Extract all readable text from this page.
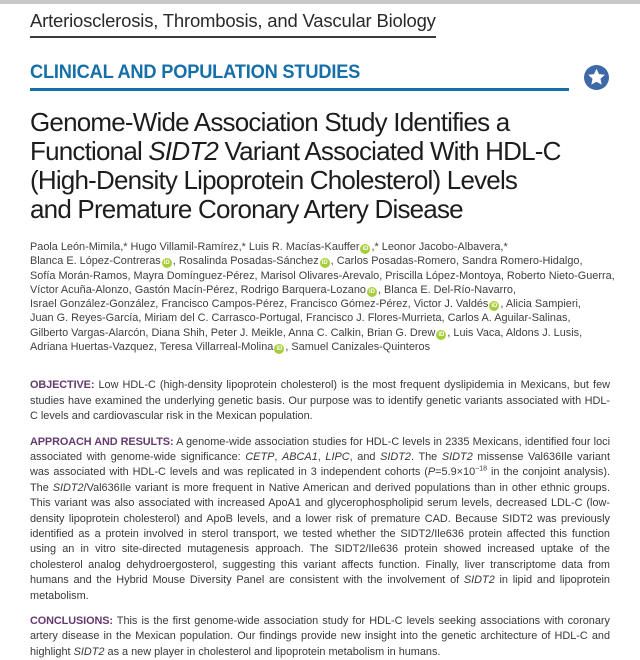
Arteriosclerosis, Thrombosis, and Vascular Biology
CLINICAL AND POPULATION STUDIES
Genome-Wide Association Study Identifies a
Functional SIDT2 Variant Associated With HDL-C
(High-Density Lipoprotein Cholesterol) Levels
and Premature Coronary Artery Disease
Paola León-Mimila,* Hugo Villamil-Ramírez,* Luis R. Macías-Kauffer iD ,* Leonor Jacobo-Albavera,*
Blanca E. López-Contreras iD , Rosalinda Posadas-Sánchez iD , Carlos Posadas-Romero, Sandra Romero-Hidalgo,
Sofía Morán-Ramos, Mayra Domínguez-Pérez, Marisol Olivares-Arevalo, Priscilla López-Montoya, Roberto Nieto-Guerra,
Víctor Acuña-Alonzo, Gastón Macín-Pérez, Rodrigo Barquera-Lozano iD , Blanca E. Del-Río-Navarro,
Israel González-González, Francisco Campos-Pérez, Francisco Gómez-Pérez, Victor J. Valdés iD , Alicia Sampieri,
Juan G. Reyes-García, Miriam del C. Carrasco-Portugal, Francisco J. Flores-Murrieta, Carlos A. Aguilar-Salinas,
Gilberto Vargas-Alarcón, Diana Shih, Peter J. Meikle, Anna C. Calkin, Brian G. Drew iD , Luis Vaca, Aldons J. Lusis,
Adriana Huertas-Vazquez, Teresa Villarreal-Molina iD , Samuel Canizales-Quinteros

OBJECTIVE: Low HDL-C (high-density lipoprotein cholesterol) is the most frequent dyslipidemia in Mexicans, but few studies have examined the underlying genetic basis. Our purpose was to identify genetic variants associated with HDL-C levels and cardiovascular risk in the Mexican population.

APPROACH AND RESULTS: A genome-wide association studies for HDL-C levels in 2335 Mexicans, identified four loci associated with genome-wide significance: CETP, ABCA1, LIPC, and SIDT2. The SIDT2 missense Val636Ile variant was associated with HDL-C levels and was replicated in 3 independent cohorts ($P=5.9\times 10^{-18}$ in the conjoint analysis). The SIDT2/Val636Ile variant is more frequent in Native American and derived populations than in other ethnic groups. This variant was also associated with increased ApoA1 and glycerophospholipid serum levels, decreased LDL-C (low-density lipoprotein cholesterol) and ApoB levels, and a lower risk of premature CAD. Because SIDT2 was previously identified as a protein involved in sterol transport, we tested whether the SIDT2/Ile636 protein affected this function using an in vitro site-directed mutagenesis approach. The SIDT2/Ile636 protein showed increased uptake of the cholesterol analog dehydroergosterol, suggesting this variant affects function. Finally, liver transcriptome data from humans and the Hybrid Mouse Diversity Panel are consistent with the involvement of SIDT2 in lipid and lipoprotein metabolism.

CONCLUSIONS: This is the first genome-wide association study for HDL-C levels seeking associations with coronary artery disease in the Mexican population. Our findings provide new insight into the genetic architecture of HDL-C and highlight SIDT2 as a new player in cholesterol and lipoprotein metabolism in humans.
